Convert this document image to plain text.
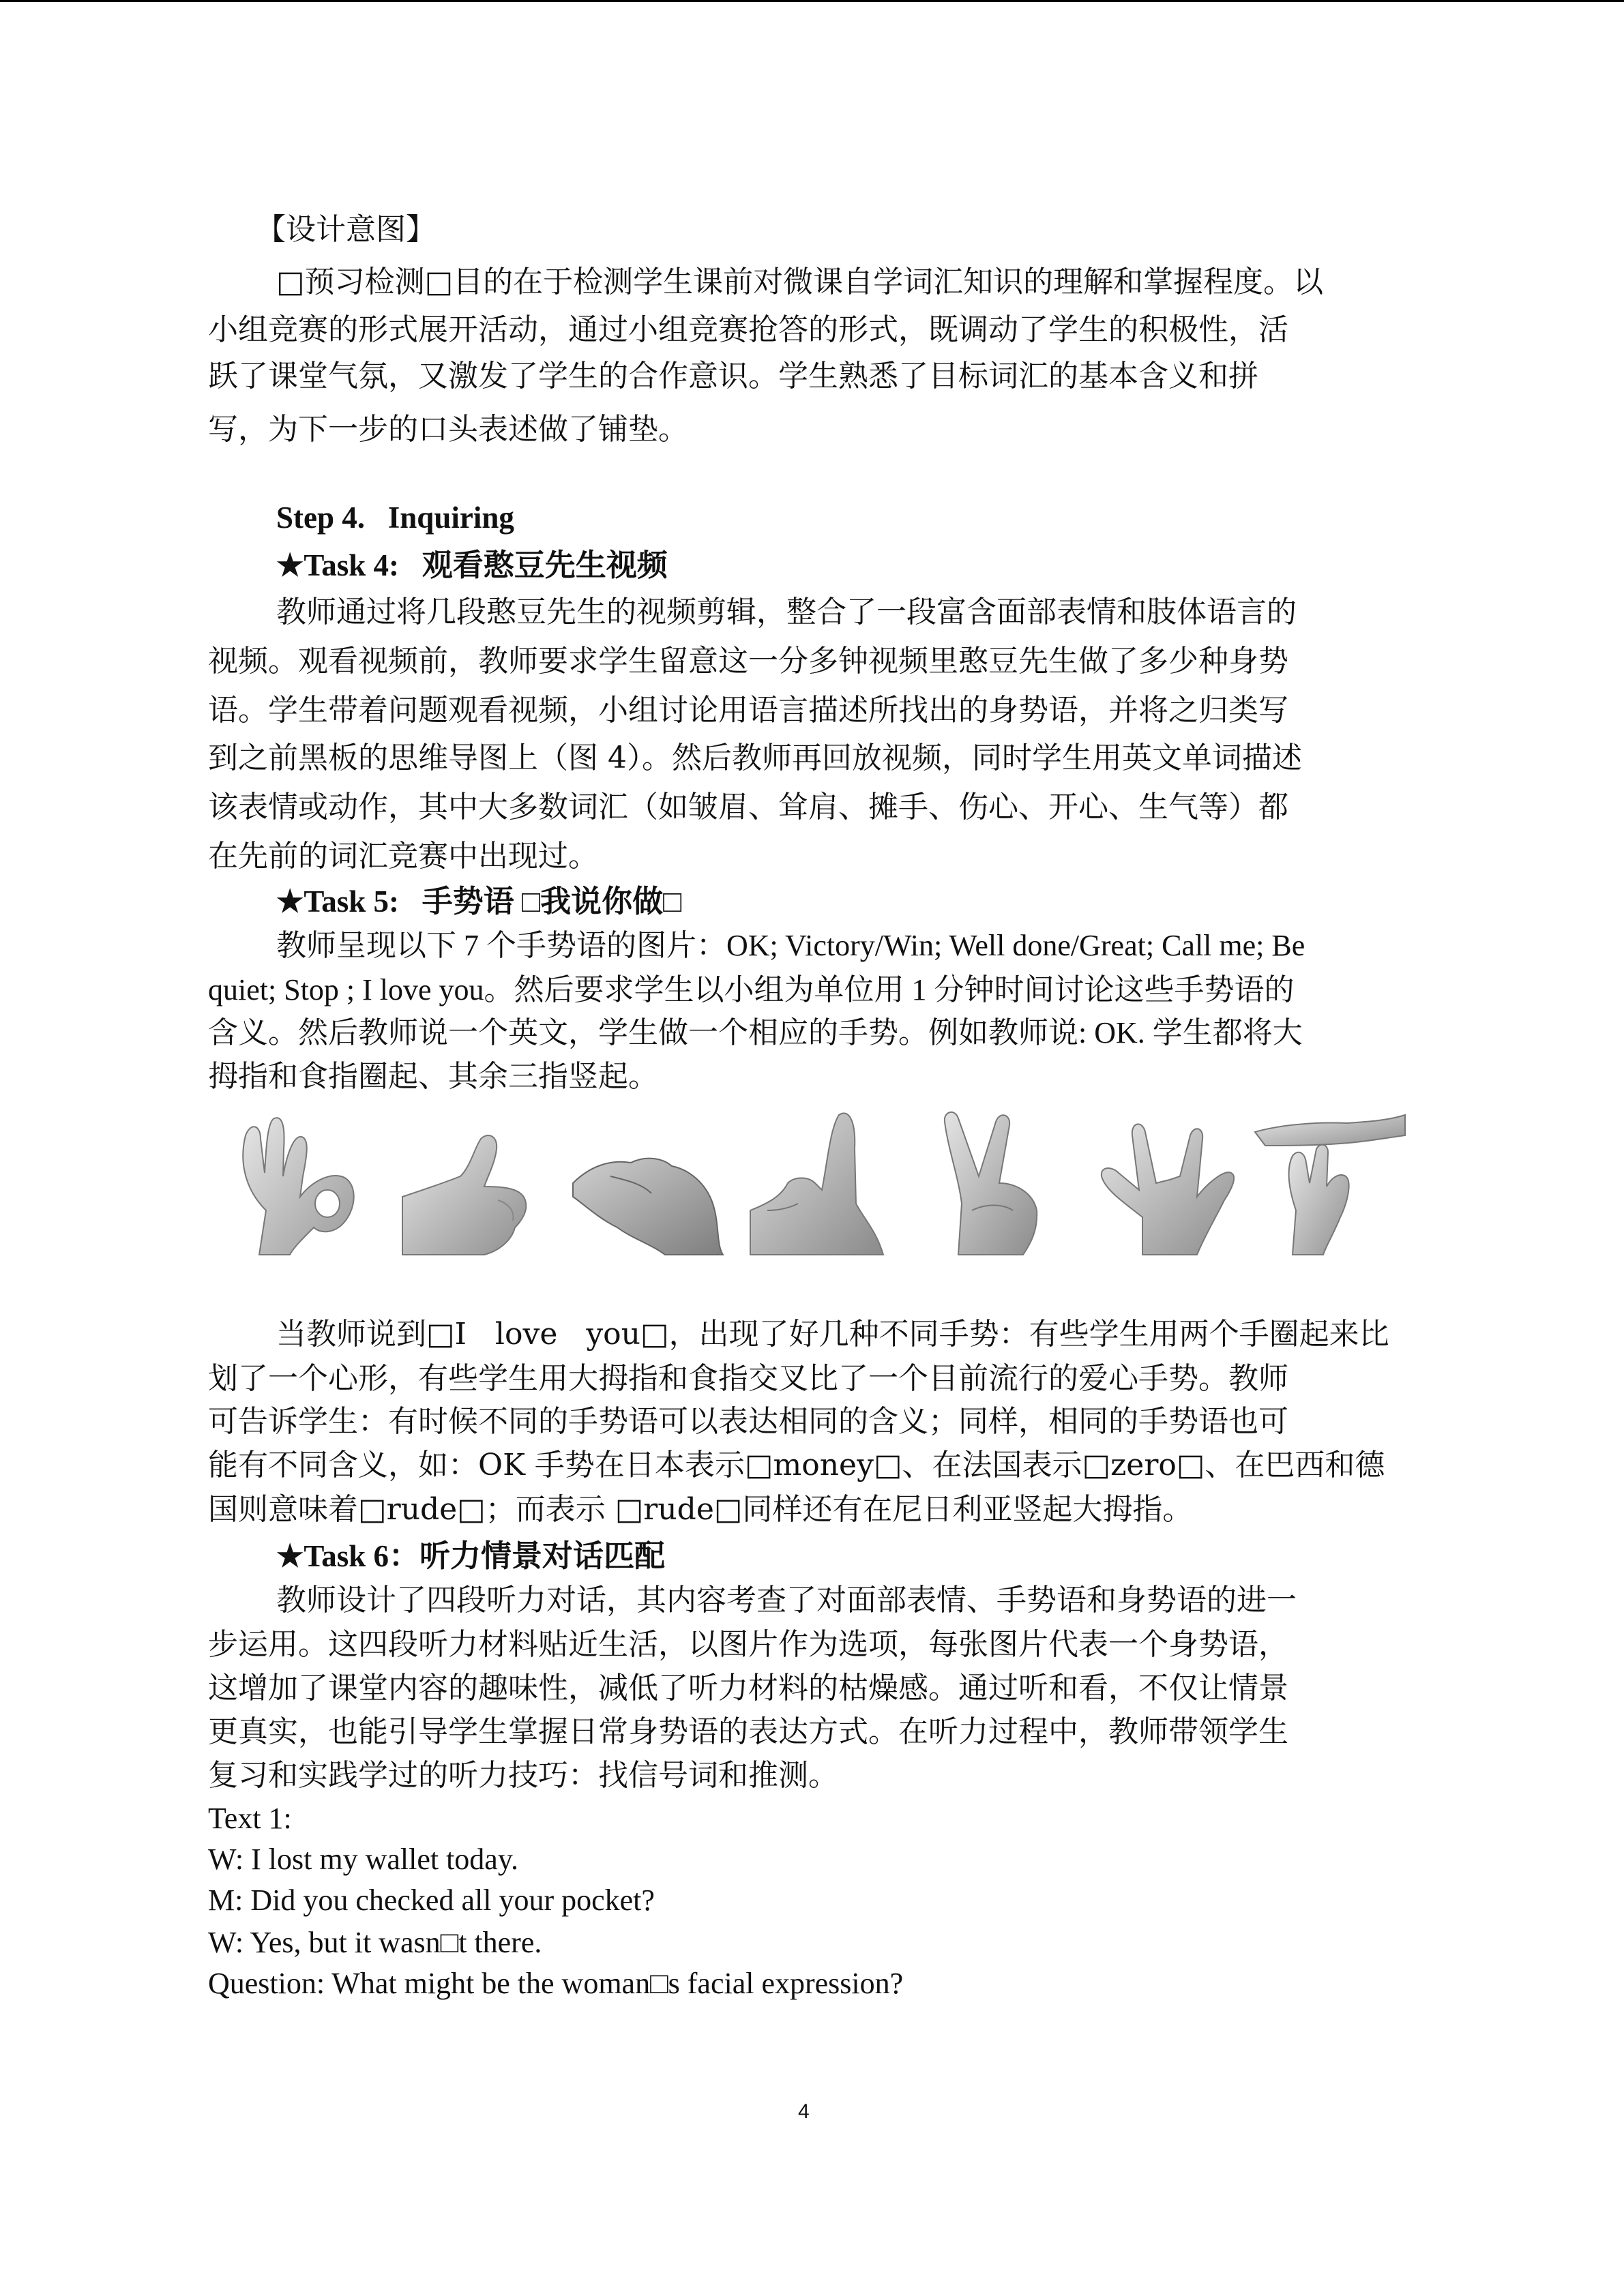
【设计意图】
□预习检测□目的在于检测学生课前对微课自学词汇知识的理解和掌握程度。以
小组竞赛的形式展开活动，通过小组竞赛抢答的形式，既调动了学生的积极性，活
跃了课堂气氛，又激发了学生的合作意识。学生熟悉了目标词汇的基本含义和拼
写，为下一步的口头表述做了铺垫。
Step 4.   Inquiring
★Task 4:   观看憨豆先生视频
教师通过将几段憨豆先生的视频剪辑，整合了一段富含面部表情和肢体语言的
视频。观看视频前，教师要求学生留意这一分多钟视频里憨豆先生做了多少种身势
语。学生带着问题观看视频，小组讨论用语言描述所找出的身势语，并将之归类写
到之前黑板的思维导图上（图 4）。然后教师再回放视频，同时学生用英文单词描述
该表情或动作，其中大多数词汇（如皱眉、耸肩、摊手、伤心、开心、生气等）都
在先前的词汇竞赛中出现过。
★Task 5:   手势语 □我说你做□
教师呈现以下 7 个手势语的图片：OK; Victory/Win; Well done/Great; Call me; Be
quiet; Stop ; I love you。然后要求学生以小组为单位用 1 分钟时间讨论这些手势语的
含义。然后教师说一个英文，学生做一个相应的手势。例如教师说: OK. 学生都将大
拇指和食指圈起、其余三指竖起。
当教师说到□I   love   you□，出现了好几种不同手势：有些学生用两个手圈起来比
划了一个心形，有些学生用大拇指和食指交叉比了一个目前流行的爱心手势。教师
可告诉学生：有时候不同的手势语可以表达相同的含义；同样，相同的手势语也可
能有不同含义，如：OK 手势在日本表示□money□、在法国表示□zero□、在巴西和德
国则意味着□rude□；而表示 □rude□同样还有在尼日利亚竖起大拇指。
★Task 6：听力情景对话匹配
教师设计了四段听力对话，其内容考查了对面部表情、手势语和身势语的进一
步运用。这四段听力材料贴近生活，以图片作为选项，每张图片代表一个身势语，
这增加了课堂内容的趣味性，减低了听力材料的枯燥感。通过听和看，不仅让情景
更真实，也能引导学生掌握日常身势语的表达方式。在听力过程中，教师带领学生
复习和实践学过的听力技巧：找信号词和推测。
Text 1:
W: I lost my wallet today.
M: Did you checked all your pocket?
W: Yes, but it wasn□t there.
Question: What might be the woman□s facial expression?
4
